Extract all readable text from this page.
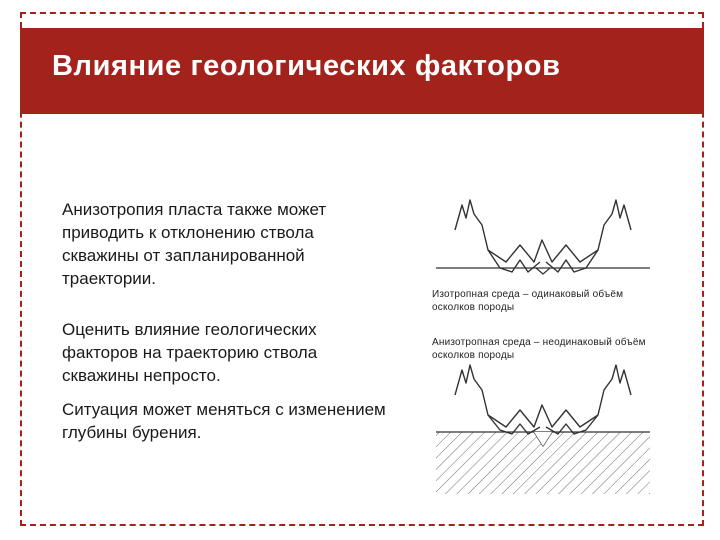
Влияние геологических факторов
Анизотропия пласта также может приводить к отклонению ствола скважины от запланированной траектории.
Оценить влияние геологических факторов на траекторию ствола скважины непросто.
Ситуация может меняться с изменением глубины бурения.
Изотропная среда – одинаковый объём осколков породы
Анизотропная среда – неодинаковый объём осколков породы
